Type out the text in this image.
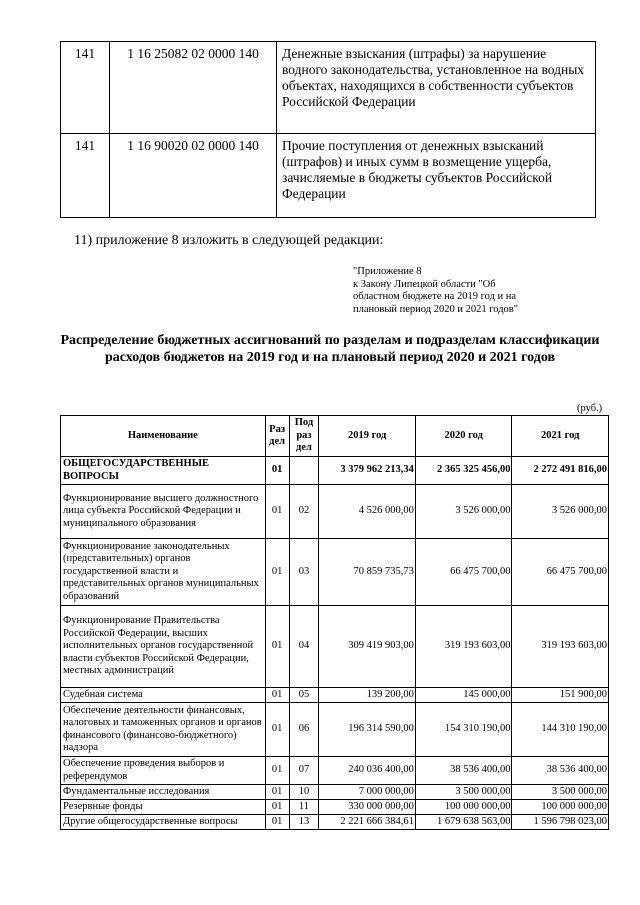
141	1 16 25082 02 0000 140	Денежные взыскания (штрафы) за нарушение водного законодательства, установленное на водных объектах, находящихся в собственности субъектов Российской Федерации
141	1 16 90020 02 0000 140	Прочие поступления от денежных взысканий (штрафов) и иных сумм в возмещение ущерба, зачисляемые в бюджеты субъектов Российской Федерации
11) приложение 8 изложить в следующей редакции:
"Приложение 8
к Закону Липецкой области "Об
областном бюджете на 2019 год и на
плановый период 2020 и 2021 годов"
Распределение бюджетных ассигнований по разделам и подразделам классификации расходов бюджетов на 2019 год и на плановый период 2020 и 2021 годов
(руб.)
Наименование	Раз дел	Под раз дел	2019 год	2020 год	2021 год
ОБЩЕГОСУДАРСТВЕННЫЕ ВОПРОСЫ	01		3 379 962 213,34	2 365 325 456,00	2 272 491 816,00
Функционирование высшего должностного лица субъекта Российской Федерации и муниципального образования	01	02	4 526 000,00	3 526 000,00	3 526 000,00
Функционирование законодательных (представительных) органов государственной власти и представительных органов муниципальных образований	01	03	70 859 735,73	66 475 700,00	66 475 700,00
Функционирование Правительства Российской Федерации, высших исполнительных органов государственной власти субъектов Российской Федерации, местных администраций	01	04	309 419 903,00	319 193 603,00	319 193 603,00
Судебная система	01	05	139 200,00	145 000,00	151 900,00
Обеспечение деятельности финансовых, налоговых и таможенных органов и органов финансового (финансово-бюджетного) надзора	01	06	196 314 590,00	154 310 190,00	144 310 190,00
Обеспечение проведения выборов и референдумов	01	07	240 036 400,00	38 536 400,00	38 536 400,00
Фундаментальные исследования	01	10	7 000 000,00	3 500 000,00	3 500 000,00
Резервные фонды	01	11	330 000 000,00	100 000 000,00	100 000 000,00
Другие общегосударственные вопросы	01	13	2 221 666 384,61	1 679 638 563,00	1 596 798 023,00
